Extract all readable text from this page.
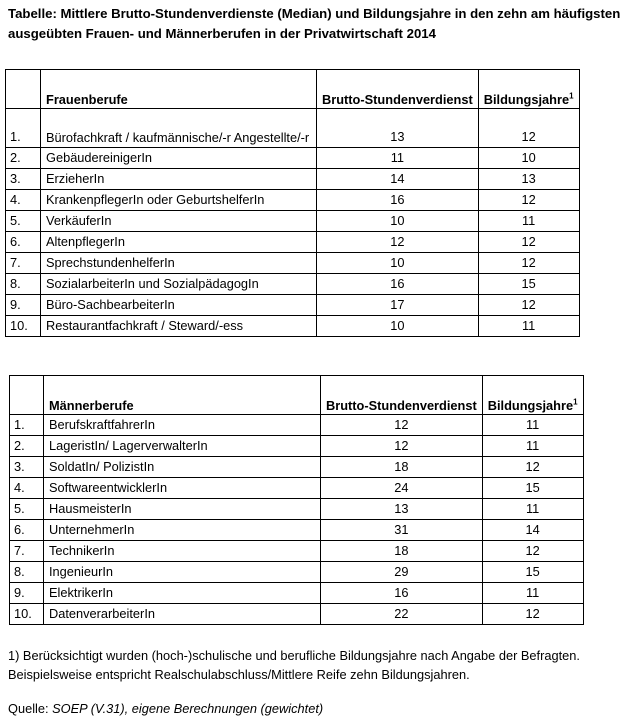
Tabelle: Mittlere Brutto-Stundenverdienste (Median) und Bildungsjahre in den zehn am häufigsten ausgeübten Frauen- und Männerberufen in der Privatwirtschaft 2014
	Frauenberufe	Brutto-Stundenverdienst	Bildungsjahre$^1$
1.	Bürofachkraft / kaufmännische/-r Angestellte/-r	13	12
2.	GebäudereinigerIn	11	10
3.	ErzieherIn	14	13
4.	KrankenpflegerIn oder GeburtshelferIn	16	12
5.	VerkäuferIn	10	11
6.	AltenpflegerIn	12	12
7.	SprechstundenhelferIn	10	12
8.	SozialarbeiterIn und SozialpädagogIn	16	15
9.	Büro-SachbearbeiterIn	17	12
10.	Restaurantfachkraft / Steward/-ess	10	11
	Männerberufe	Brutto-Stundenverdienst	Bildungsjahre$^1$
1.	BerufskraftfahrerIn	12	11
2.	LageristIn/ LagerverwalterIn	12	11
3.	SoldatIn/ PolizistIn	18	12
4.	SoftwareentwicklerIn	24	15
5.	HausmeisterIn	13	11
6.	UnternehmerIn	31	14
7.	TechnikerIn	18	12
8.	IngenieurIn	29	15
9.	ElektrikerIn	16	11
10.	DatenverarbeiterIn	22	12
1) Berücksichtigt wurden (hoch-)schulische und berufliche Bildungsjahre nach Angabe der Befragten. Beispielsweise entspricht Realschulabschluss/Mittlere Reife zehn Bildungsjahren.
Quelle: SOEP (V.31), eigene Berechnungen (gewichtet)
